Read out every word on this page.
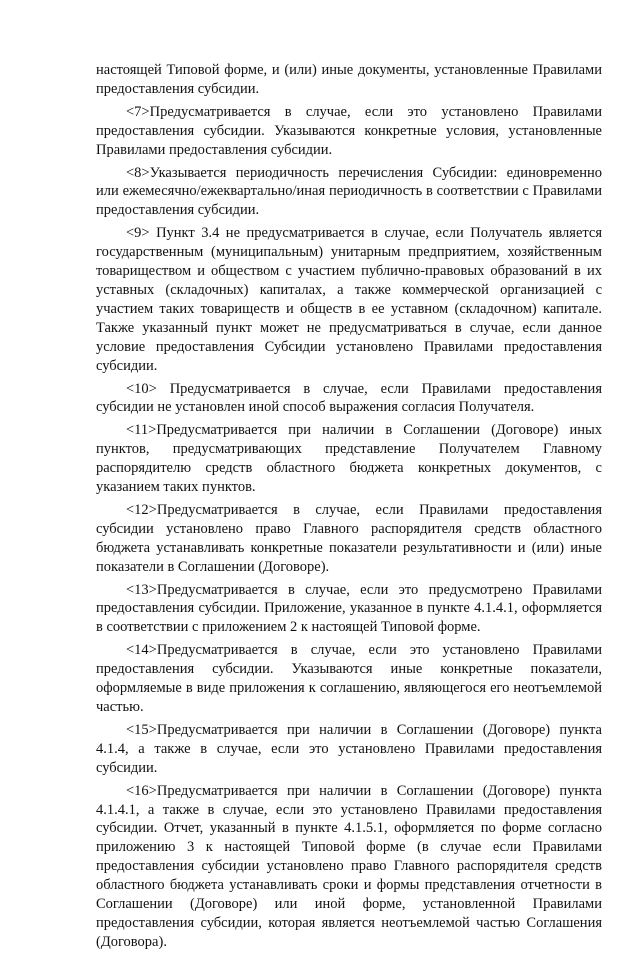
настоящей Типовой форме, и (или) иные документы, установленные Правилами предоставления субсидии.

<7>Предусматривается в случае, если это установлено Правилами предоставления субсидии. Указываются конкретные условия, установленные Правилами предоставления субсидии.

<8>Указывается периодичность перечисления Субсидии: единовременно или ежемесячно/ежеквартально/иная периодичность в соответствии с Правилами предоставления субсидии.

<9> Пункт 3.4 не предусматривается в случае, если Получатель является государственным (муниципальным) унитарным предприятием, хозяйственным товариществом и обществом с участием публично-правовых образований в их уставных (складочных) капиталах, а также коммерческой организацией с участием таких товариществ и обществ в ее уставном (складочном) капитале. Также указанный пункт может не предусматриваться в случае, если данное условие предоставления Субсидии установлено Правилами предоставления субсидии.

<10> Предусматривается в случае, если Правилами предоставления субсидии не установлен иной способ выражения согласия Получателя.

<11>Предусматривается при наличии в Соглашении (Договоре) иных пунктов, предусматривающих представление Получателем Главному распорядителю средств областного бюджета конкретных документов, с указанием таких пунктов.

<12>Предусматривается в случае, если Правилами предоставления субсидии установлено право Главного распорядителя средств областного бюджета устанавливать конкретные показатели результативности и (или) иные показатели в Соглашении (Договоре).

<13>Предусматривается в случае, если это предусмотрено Правилами предоставления субсидии. Приложение, указанное в пункте 4.1.4.1, оформляется в соответствии с приложением 2 к настоящей Типовой форме.

<14>Предусматривается в случае, если это установлено Правилами предоставления субсидии. Указываются иные конкретные показатели, оформляемые в виде приложения к соглашению, являющегося его неотъемлемой частью.

<15>Предусматривается при наличии в Соглашении (Договоре) пункта 4.1.4, а также в случае, если это установлено Правилами предоставления субсидии.

<16>Предусматривается при наличии в Соглашении (Договоре) пункта 4.1.4.1, а также в случае, если это установлено Правилами предоставления субсидии. Отчет, указанный в пункте 4.1.5.1, оформляется по форме согласно приложению 3 к настоящей Типовой форме (в случае если Правилами предоставления субсидии установлено право Главного распорядителя средств областного бюджета устанавливать сроки и формы представления отчетности в Соглашении (Договоре) или иной форме, установленной Правилами предоставления субсидии, которая является неотъемлемой частью Соглашения (Договора).
